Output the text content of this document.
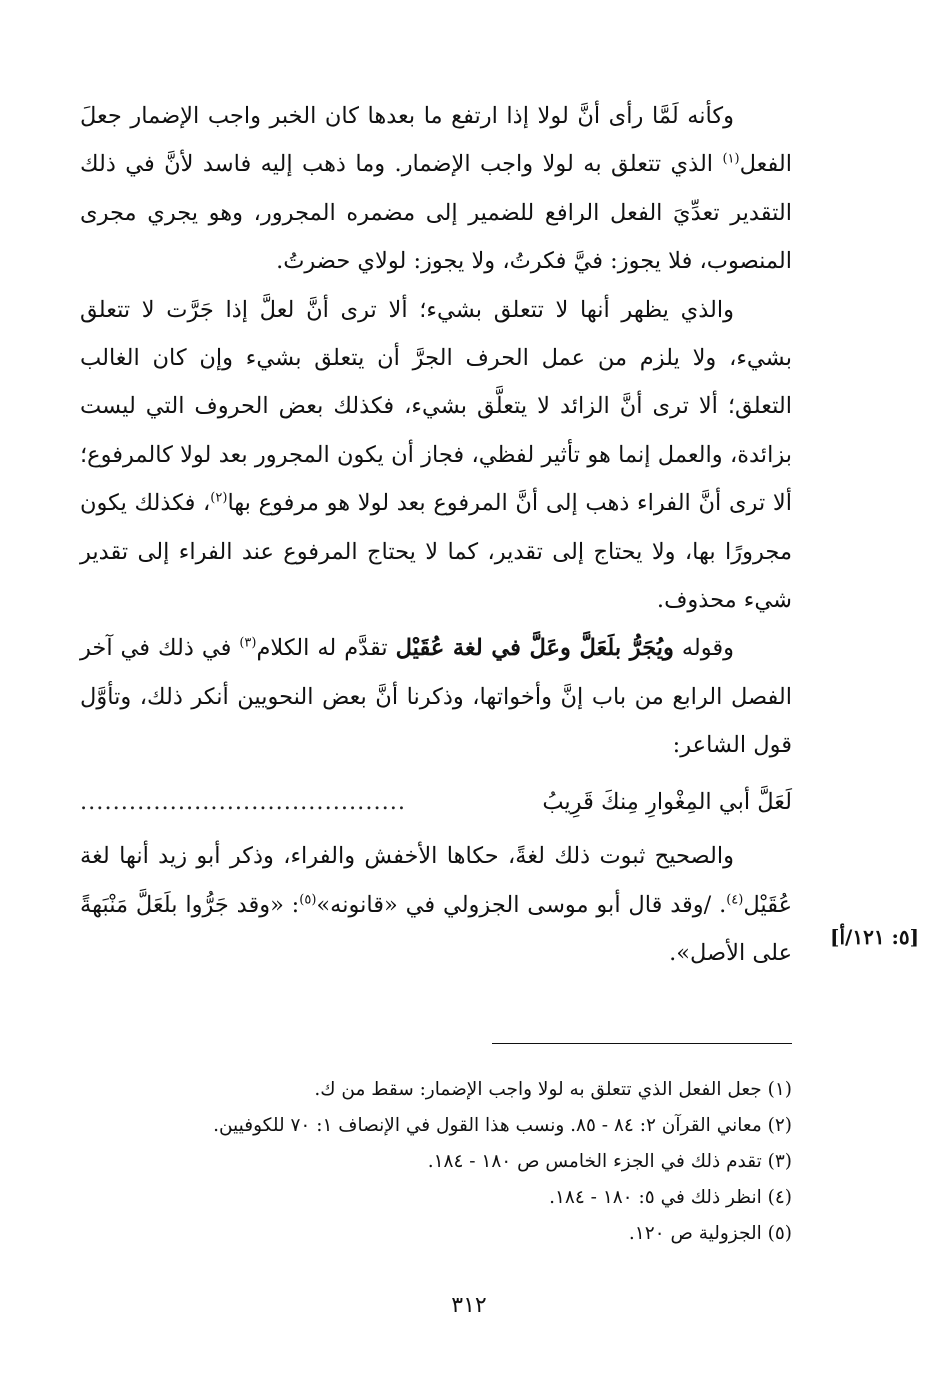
وكأنه لَمَّا رأى أنَّ لولا إذا ارتفع ما بعدها كان الخبر واجب الإضمار جعلَ الفعل$^{(١)}$ الذي تتعلق به لولا واجب الإضمار. وما ذهب إليه فاسد لأنَّ في ذلك التقدير تعدِّيَ الفعل الرافع للضمير إلى مضمره المجرور، وهو يجري مجرى المنصوب، فلا يجوز: فيَّ فكرتُ، ولا يجوز: لولاي حضرتُ.

والذي يظهر أنها لا تتعلق بشيء؛ ألا ترى أنَّ لعلَّ إذا جَرَّت لا تتعلق بشيء، ولا يلزم من عمل الحرف الجرَّ أن يتعلق بشيء وإن كان الغالب التعلق؛ ألا ترى أنَّ الزائد لا يتعلَّق بشيء، فكذلك بعض الحروف التي ليست بزائدة، والعمل إنما هو تأثير لفظي، فجاز أن يكون المجرور بعد لولا كالمرفوع؛ ألا ترى أنَّ الفراء ذهب إلى أنَّ المرفوع بعد لولا هو مرفوع بها$^{(٢)}$، فكذلك يكون مجرورًا بها، ولا يحتاج إلى تقدير، كما لا يحتاج المرفوع عند الفراء إلى تقدير شيء محذوف.

وقوله ويُجَرُّ بلَعَلَّ وعَلَّ في لغة عُقَيْل تقدَّم له الكلام$^{(٣)}$ في ذلك في آخر الفصل الرابع من باب إنَّ وأخواتها، وذكرنا أنَّ بعض النحويين أنكر ذلك، وتأوَّل قول الشاعر:

لَعَلَّ أبي المِغْوارِ مِنكَ قَرِيبُ
........................................

والصحيح ثبوت ذلك لغةً، حكاها الأخفش والفراء، وذكر أبو زيد أنها لغة عُقَيْل$^{(٤)}$. /وقد قال أبو موسى الجزولي في «قانونه»$^{(٥)}$: «وقد جَرُّوا بلَعَلَّ مَنْبَهةً على الأصل».

[٥: ١٢١/أ]

(١) جعل الفعل الذي تتعلق به لولا واجب الإضمار: سقط من ك.

(٢) معاني القرآن ٢: ٨٤ - ٨٥. ونسب هذا القول في الإنصاف ١: ٧٠ للكوفيين.

(٣) تقدم ذلك في الجزء الخامس ص ١٨٠ - ١٨٤.

(٤) انظر ذلك في ٥: ١٨٠ - ١٨٤.

(٥) الجزولية ص ١٢٠.

٣١٢
